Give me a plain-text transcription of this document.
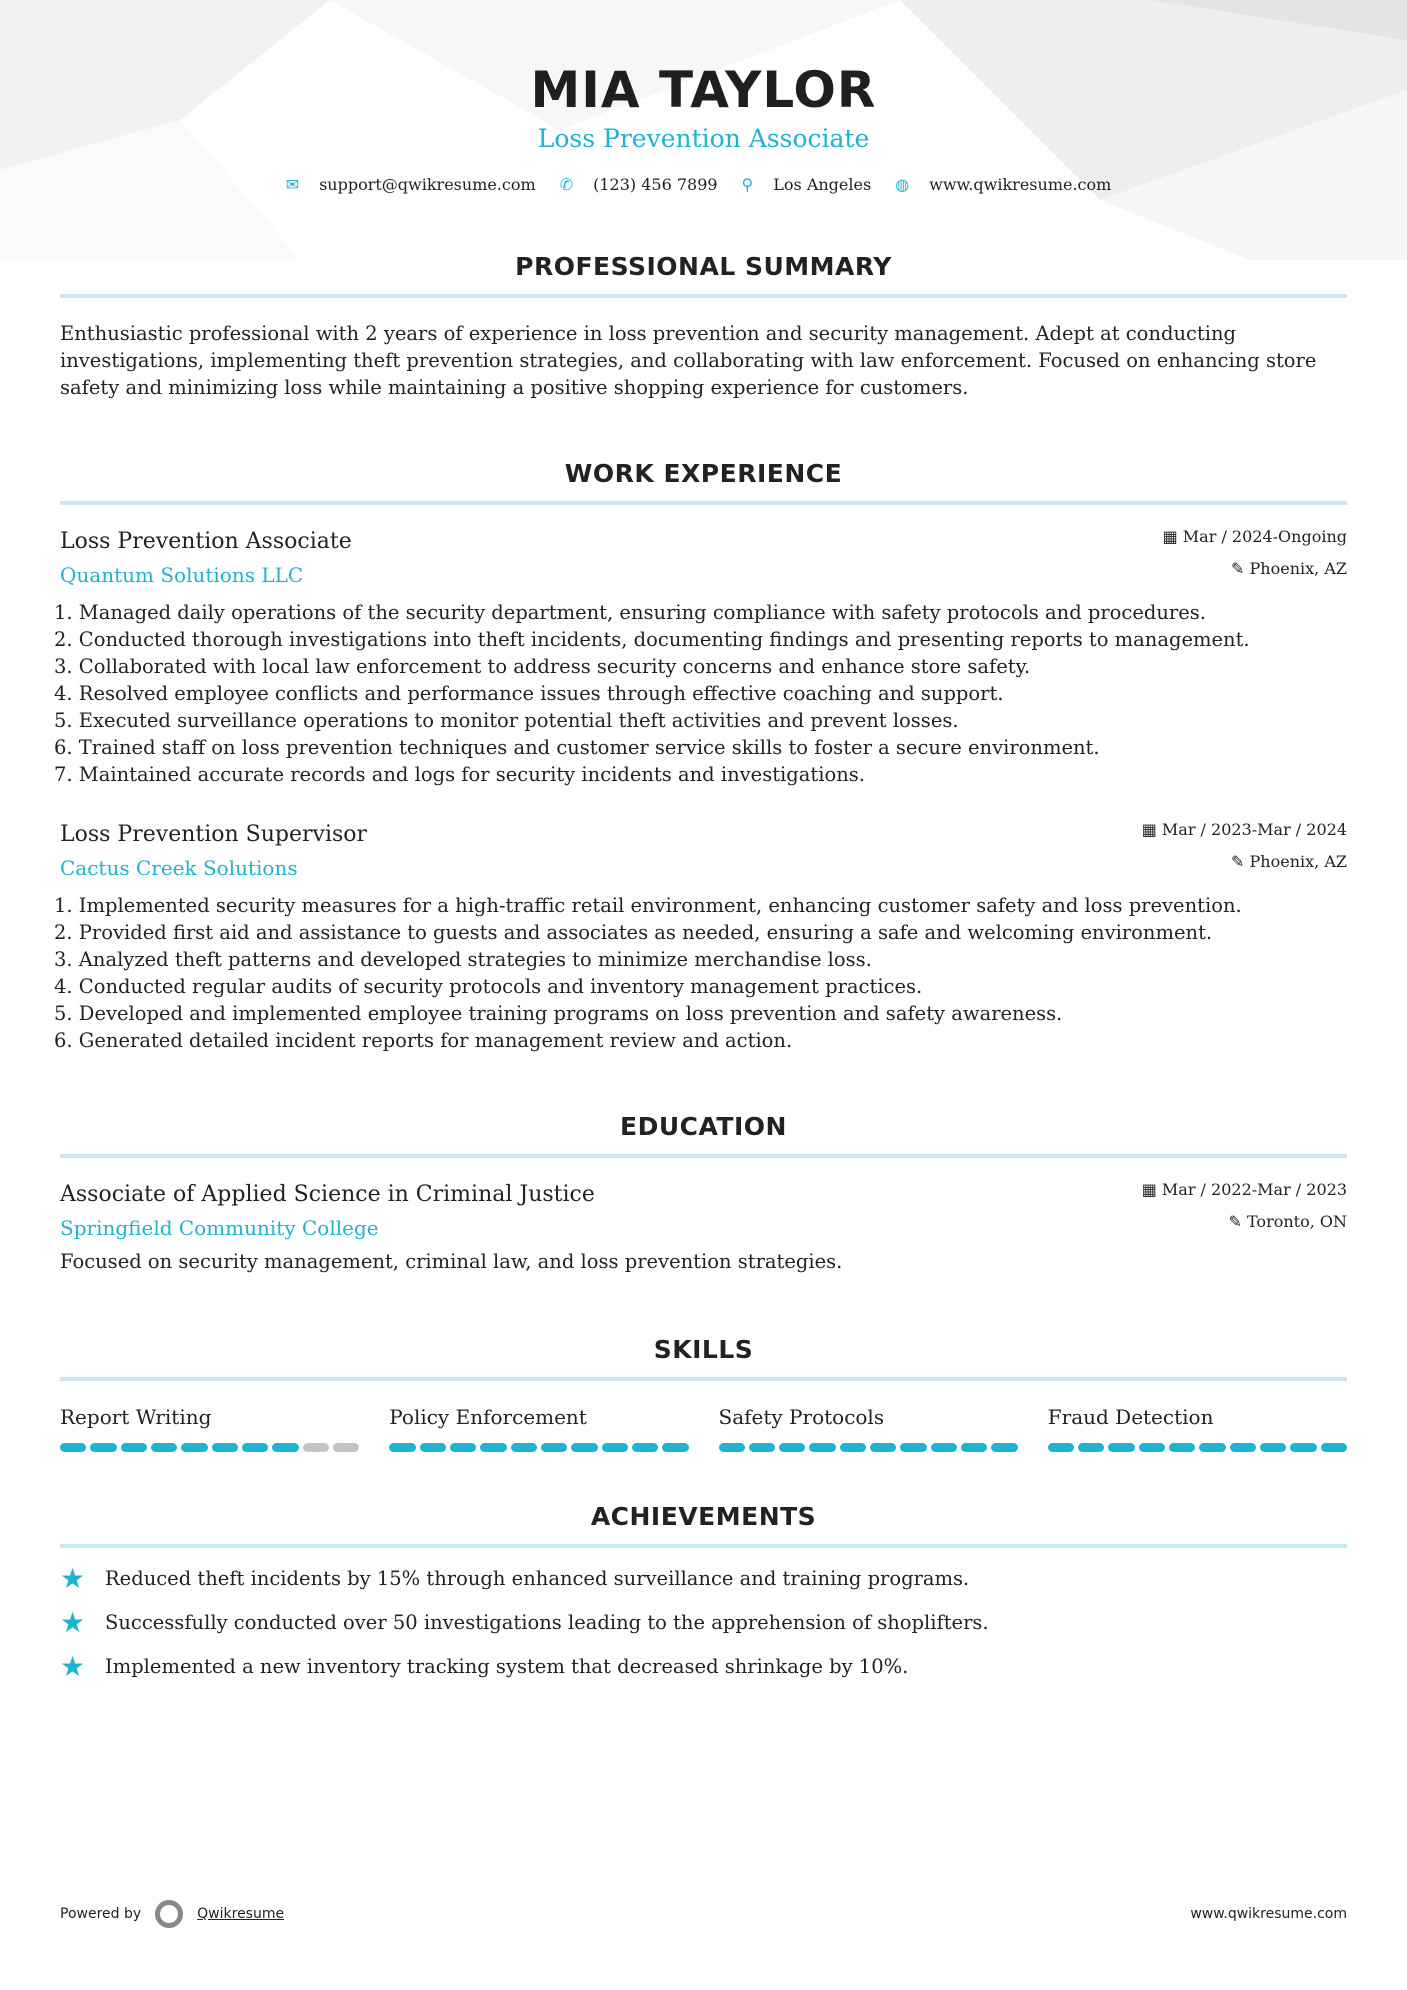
MIA TAYLOR
Loss Prevention Associate
✉ support@qwikresume.com ✆ (123) 456 7899 ⚲ Los Angeles ◍ www.qwikresume.com
PROFESSIONAL SUMMARY
Enthusiastic professional with 2 years of experience in loss prevention and security management. Adept at conducting investigations, implementing theft prevention strategies, and collaborating with law enforcement. Focused on enhancing store safety and minimizing loss while maintaining a positive shopping experience for customers.
WORK EXPERIENCE
Loss Prevention Associate
Quantum Solutions LLC
▦ Mar / 2024-Ongoing
✎ Phoenix, AZ
1. Managed daily operations of the security department, ensuring compliance with safety protocols and procedures.
2. Conducted thorough investigations into theft incidents, documenting findings and presenting reports to management.
3. Collaborated with local law enforcement to address security concerns and enhance store safety.
4. Resolved employee conflicts and performance issues through effective coaching and support.
5. Executed surveillance operations to monitor potential theft activities and prevent losses.
6. Trained staff on loss prevention techniques and customer service skills to foster a secure environment.
7. Maintained accurate records and logs for security incidents and investigations.
Loss Prevention Supervisor
Cactus Creek Solutions
▦ Mar / 2023-Mar / 2024
✎ Phoenix, AZ
1. Implemented security measures for a high-traffic retail environment, enhancing customer safety and loss prevention.
2. Provided first aid and assistance to guests and associates as needed, ensuring a safe and welcoming environment.
3. Analyzed theft patterns and developed strategies to minimize merchandise loss.
4. Conducted regular audits of security protocols and inventory management practices.
5. Developed and implemented employee training programs on loss prevention and safety awareness.
6. Generated detailed incident reports for management review and action.
EDUCATION
Associate of Applied Science in Criminal Justice
Springfield Community College
▦ Mar / 2022-Mar / 2023
✎ Toronto, ON
Focused on security management, criminal law, and loss prevention strategies.
SKILLS
Report Writing	Policy Enforcement	Safety Protocols	Fraud Detection
ACHIEVEMENTS
★	Reduced theft incidents by 15% through enhanced surveillance and training programs.
★	Successfully conducted over 50 investigations leading to the apprehension of shoplifters.
★	Implemented a new inventory tracking system that decreased shrinkage by 10%.
Powered by	Qwikresume	www.qwikresume.com
